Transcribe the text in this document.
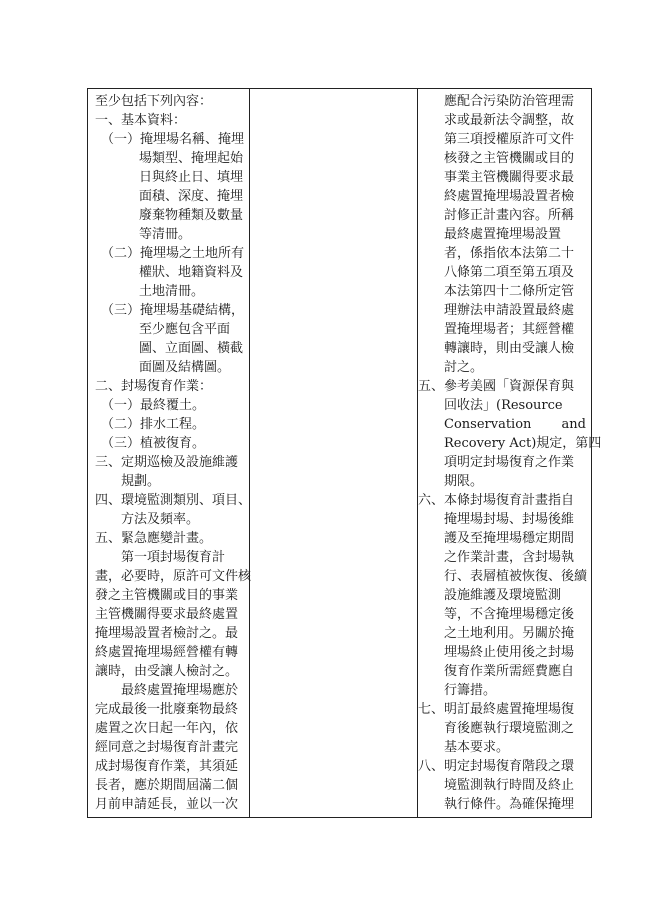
至少包括下列內容：
一、基本資料：
（一）掩埋場名稱、掩埋
場類型、掩埋起始
日與終止日、填埋
面積、深度、掩埋
廢棄物種類及數量
等清冊。
（二）掩埋場之土地所有
權狀、地籍資料及
土地清冊。
（三）掩埋場基礎結構，
至少應包含平面
圖、立面圖、橫截
面圖及結構圖。
二、封場復育作業：
（一）最終覆土。
（二）排水工程。
（三）植被復育。
三、定期巡檢及設施維護
規劃。
四、環境監測類別、項目、
方法及頻率。
五、緊急應變計畫。
第一項封場復育計
畫，必要時，原許可文件核
發之主管機關或目的事業
主管機關得要求最終處置
掩埋場設置者檢討之。最
終處置掩埋場經營權有轉
讓時，由受讓人檢討之。
最終處置掩埋場應於
完成最後一批廢棄物最終
處置之次日起一年內，依
經同意之封場復育計畫完
成封場復育作業，其須延
長者，應於期間屆滿二個
月前申請延長，並以一次
應配合污染防治管理需
求或最新法令調整，故
第三項授權原許可文件
核發之主管機關或目的
事業主管機關得要求最
終處置掩埋場設置者檢
討修正計畫內容。所稱
最終處置掩埋場設置
者，係指依本法第二十
八條第二項至第五項及
本法第四十二條所定管
理辦法申請設置最終處
置掩埋場者；其經營權
轉讓時，則由受讓人檢
討之。
五、參考美國「資源保育與
回收法」(Resource
Conservation and
Recovery Act)規定，第四
項明定封場復育之作業
期限。
六、本條封場復育計畫指自
掩埋場封場、封場後維
護及至掩埋場穩定期間
之作業計畫，含封場執
行、表層植被恢復、後續
設施維護及環境監測
等，不含掩埋場穩定後
之土地利用。另關於掩
埋場終止使用後之封場
復育作業所需經費應自
行籌措。
七、明訂最終處置掩埋場復
育後應執行環境監測之
基本要求。
八、明定封場復育階段之環
境監測執行時間及終止
執行條件。為確保掩埋
